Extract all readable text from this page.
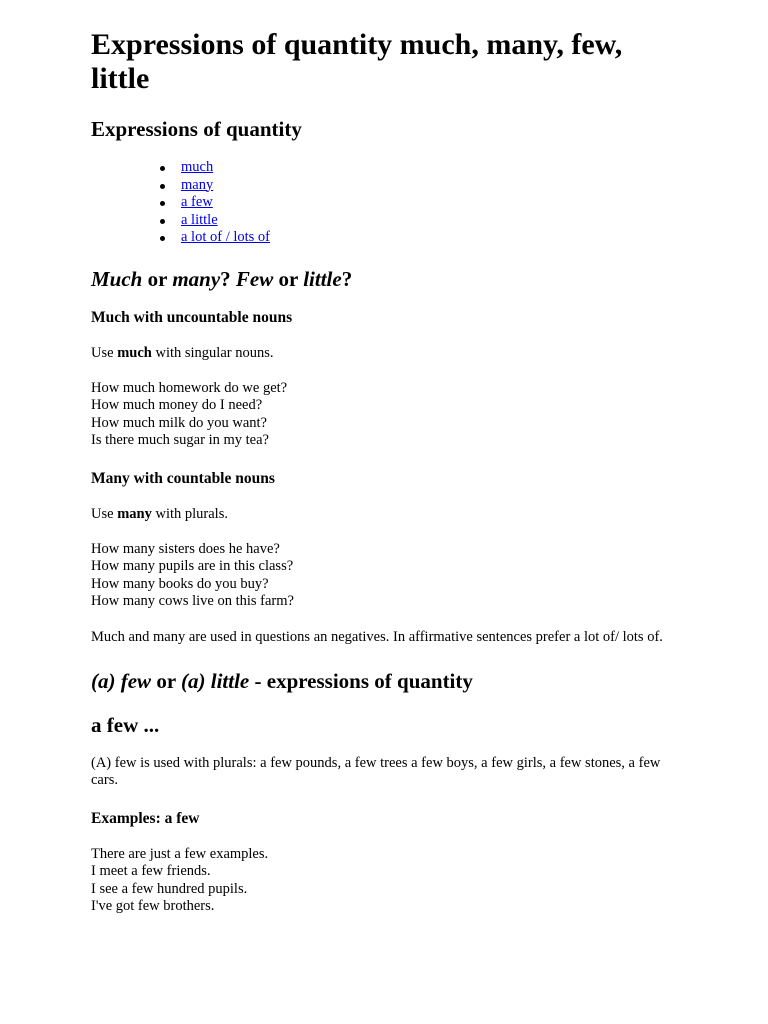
Expressions of quantity much, many, few, little
Expressions of quantity
much
many
a few
a little
a lot of / lots of
Much or many? Few or little?
Much with uncountable nouns

Use much with singular nouns.

How much homework do we get?
How much money do I need?
How much milk do you want?
Is there much sugar in my tea?

Many with countable nouns

Use many with plurals.

How many sisters does he have?
How many pupils are in this class?
How many books do you buy?
How many cows live on this farm?

Much and many are used in questions an negatives. In affirmative sentences prefer a lot of/ lots of.

(a) few or (a) little - expressions of quantity
a few ...

(A) few is used with plurals: a few pounds, a few trees a few boys, a few girls, a few stones, a few cars.

Examples: a few

There are just a few examples.
I meet a few friends.
I see a few hundred pupils.
I've got few brothers.
